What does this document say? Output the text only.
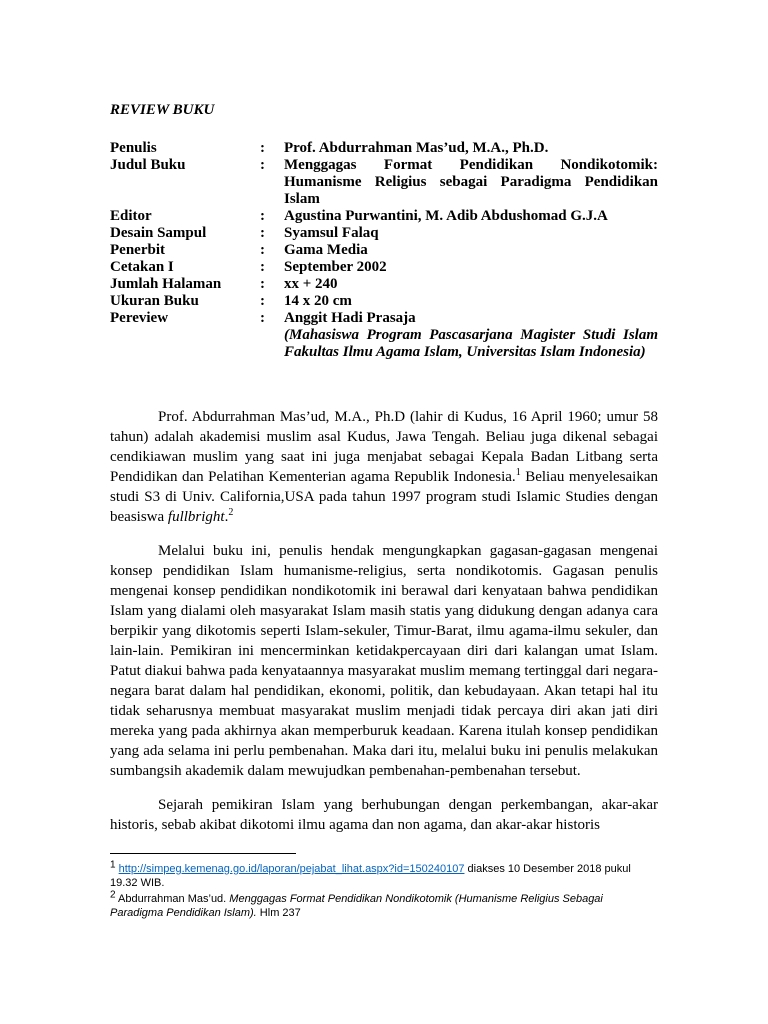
REVIEW BUKU
Penulis	:	Prof. Abdurrahman Mas’ud, M.A., Ph.D.
Judul Buku	:	Menggagas Format Pendidikan Nondikotomik: Humanisme Religius sebagai Paradigma Pendidikan Islam
Editor	:	Agustina Purwantini, M. Adib Abdushomad G.J.A
Desain Sampul	:	Syamsul Falaq
Penerbit	:	Gama Media
Cetakan I	:	September 2002
Jumlah Halaman	:	xx + 240
Ukuran Buku	:	14 x 20 cm
Pereview	:	Anggit Hadi Prasaja
(Mahasiswa Program Pascasarjana Magister Studi Islam Fakultas Ilmu Agama Islam, Universitas Islam Indonesia)

Prof. Abdurrahman Mas’ud, M.A., Ph.D (lahir di Kudus, 16 April 1960; umur 58 tahun) adalah akademisi muslim asal Kudus, Jawa Tengah. Beliau juga dikenal sebagai cendikiawan muslim yang saat ini juga menjabat sebagai Kepala Badan Litbang serta Pendidikan dan Pelatihan Kementerian agama Republik Indonesia.$^1$ Beliau menyelesaikan studi S3 di Univ. California,USA pada tahun 1997 program studi Islamic Studies dengan beasiswa fullbright.$^2$

Melalui buku ini, penulis hendak mengungkapkan gagasan-gagasan mengenai konsep pendidikan Islam humanisme-religius, serta nondikotomis. Gagasan penulis mengenai konsep pendidikan nondikotomik ini berawal dari kenyataan bahwa pendidikan Islam yang dialami oleh masyarakat Islam masih statis yang didukung dengan adanya cara berpikir yang dikotomis seperti Islam-sekuler, Timur-Barat, ilmu agama-ilmu sekuler, dan lain-lain. Pemikiran ini mencerminkan ketidakpercayaan diri dari kalangan umat Islam. Patut diakui bahwa pada kenyataannya masyarakat muslim memang tertinggal dari negara-negara barat dalam hal pendidikan, ekonomi, politik, dan kebudayaan. Akan tetapi hal itu tidak seharusnya membuat masyarakat muslim menjadi tidak percaya diri akan jati diri mereka yang pada akhirnya akan memperburuk keadaan. Karena itulah konsep pendidikan yang ada selama ini perlu pembenahan. Maka dari itu, melalui buku ini penulis melakukan sumbangsih akademik dalam mewujudkan pembenahan-pembenahan tersebut.

Sejarah pemikiran Islam yang berhubungan dengan perkembangan, akar-akar historis, sebab akibat dikotomi ilmu agama dan non agama, dan akar-akar historis

$^1$ http://simpeg.kemenag.go.id/laporan/pejabat_lihat.aspx?id=150240107 diakses 10 Desember 2018 pukul 19.32 WIB.
$^2$ Abdurrahman Mas’ud. Menggagas Format Pendidikan Nondikotomik (Humanisme Religius Sebagai Paradigma Pendidikan Islam). Hlm 237
